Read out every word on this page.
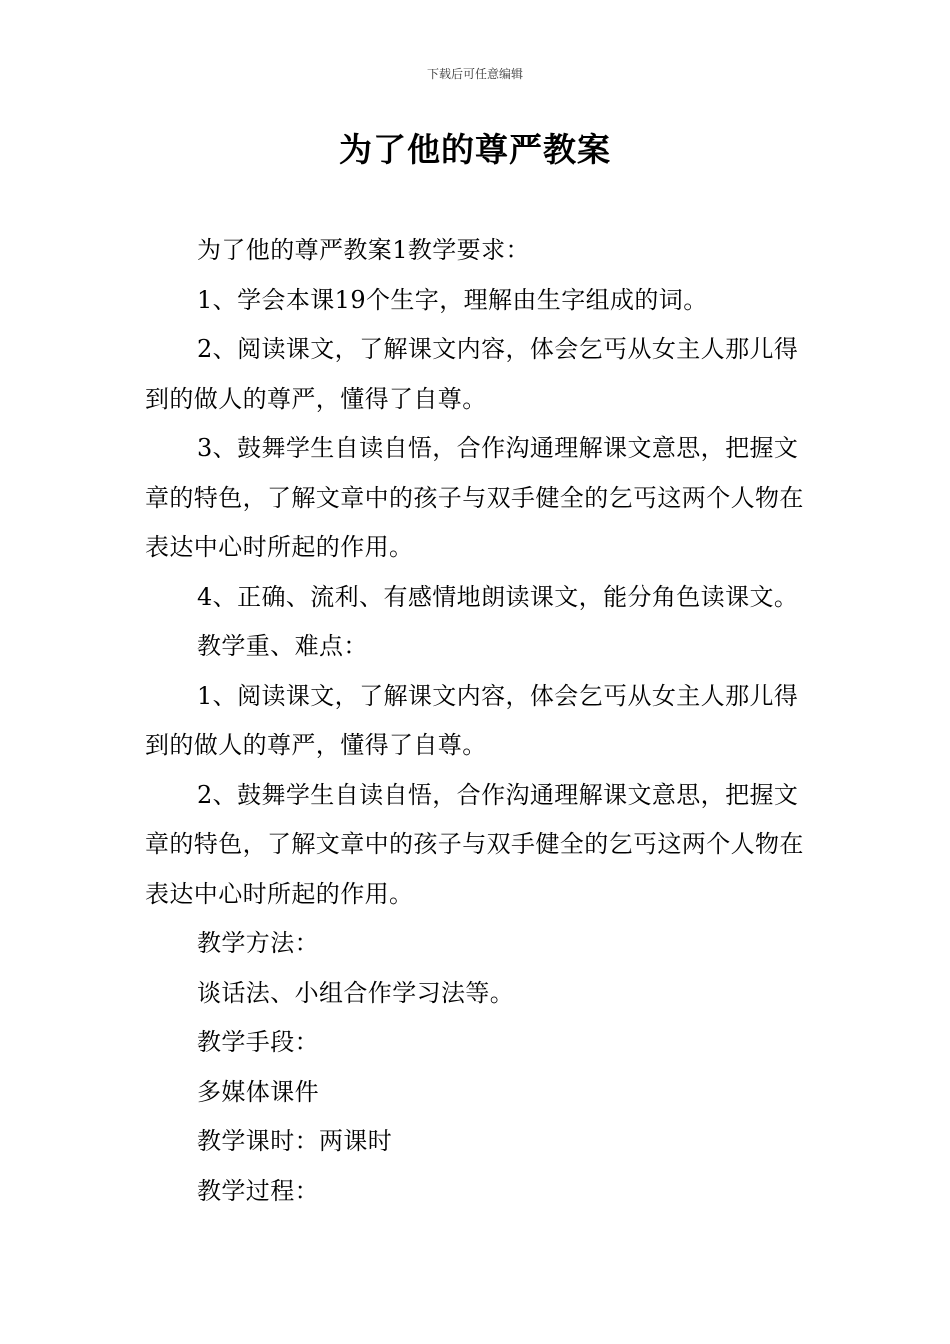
下载后可任意编辑
为了他的尊严教案

为了他的尊严教案1教学要求：

1、学会本课19个生字，理解由生字组成的词。

2、阅读课文，了解课文内容，体会乞丐从女主人那儿得到的做人的尊严，懂得了自尊。

3、鼓舞学生自读自悟，合作沟通理解课文意思，把握文章的特色，了解文章中的孩子与双手健全的乞丐这两个人物在表达中心时所起的作用。

4、正确、流利、有感情地朗读课文，能分角色读课文。

教学重、难点：

1、阅读课文，了解课文内容，体会乞丐从女主人那儿得到的做人的尊严，懂得了自尊。

2、鼓舞学生自读自悟，合作沟通理解课文意思，把握文章的特色，了解文章中的孩子与双手健全的乞丐这两个人物在表达中心时所起的作用。

教学方法：

谈话法、小组合作学习法等。

教学手段：

多媒体课件

教学课时：两课时

教学过程：
